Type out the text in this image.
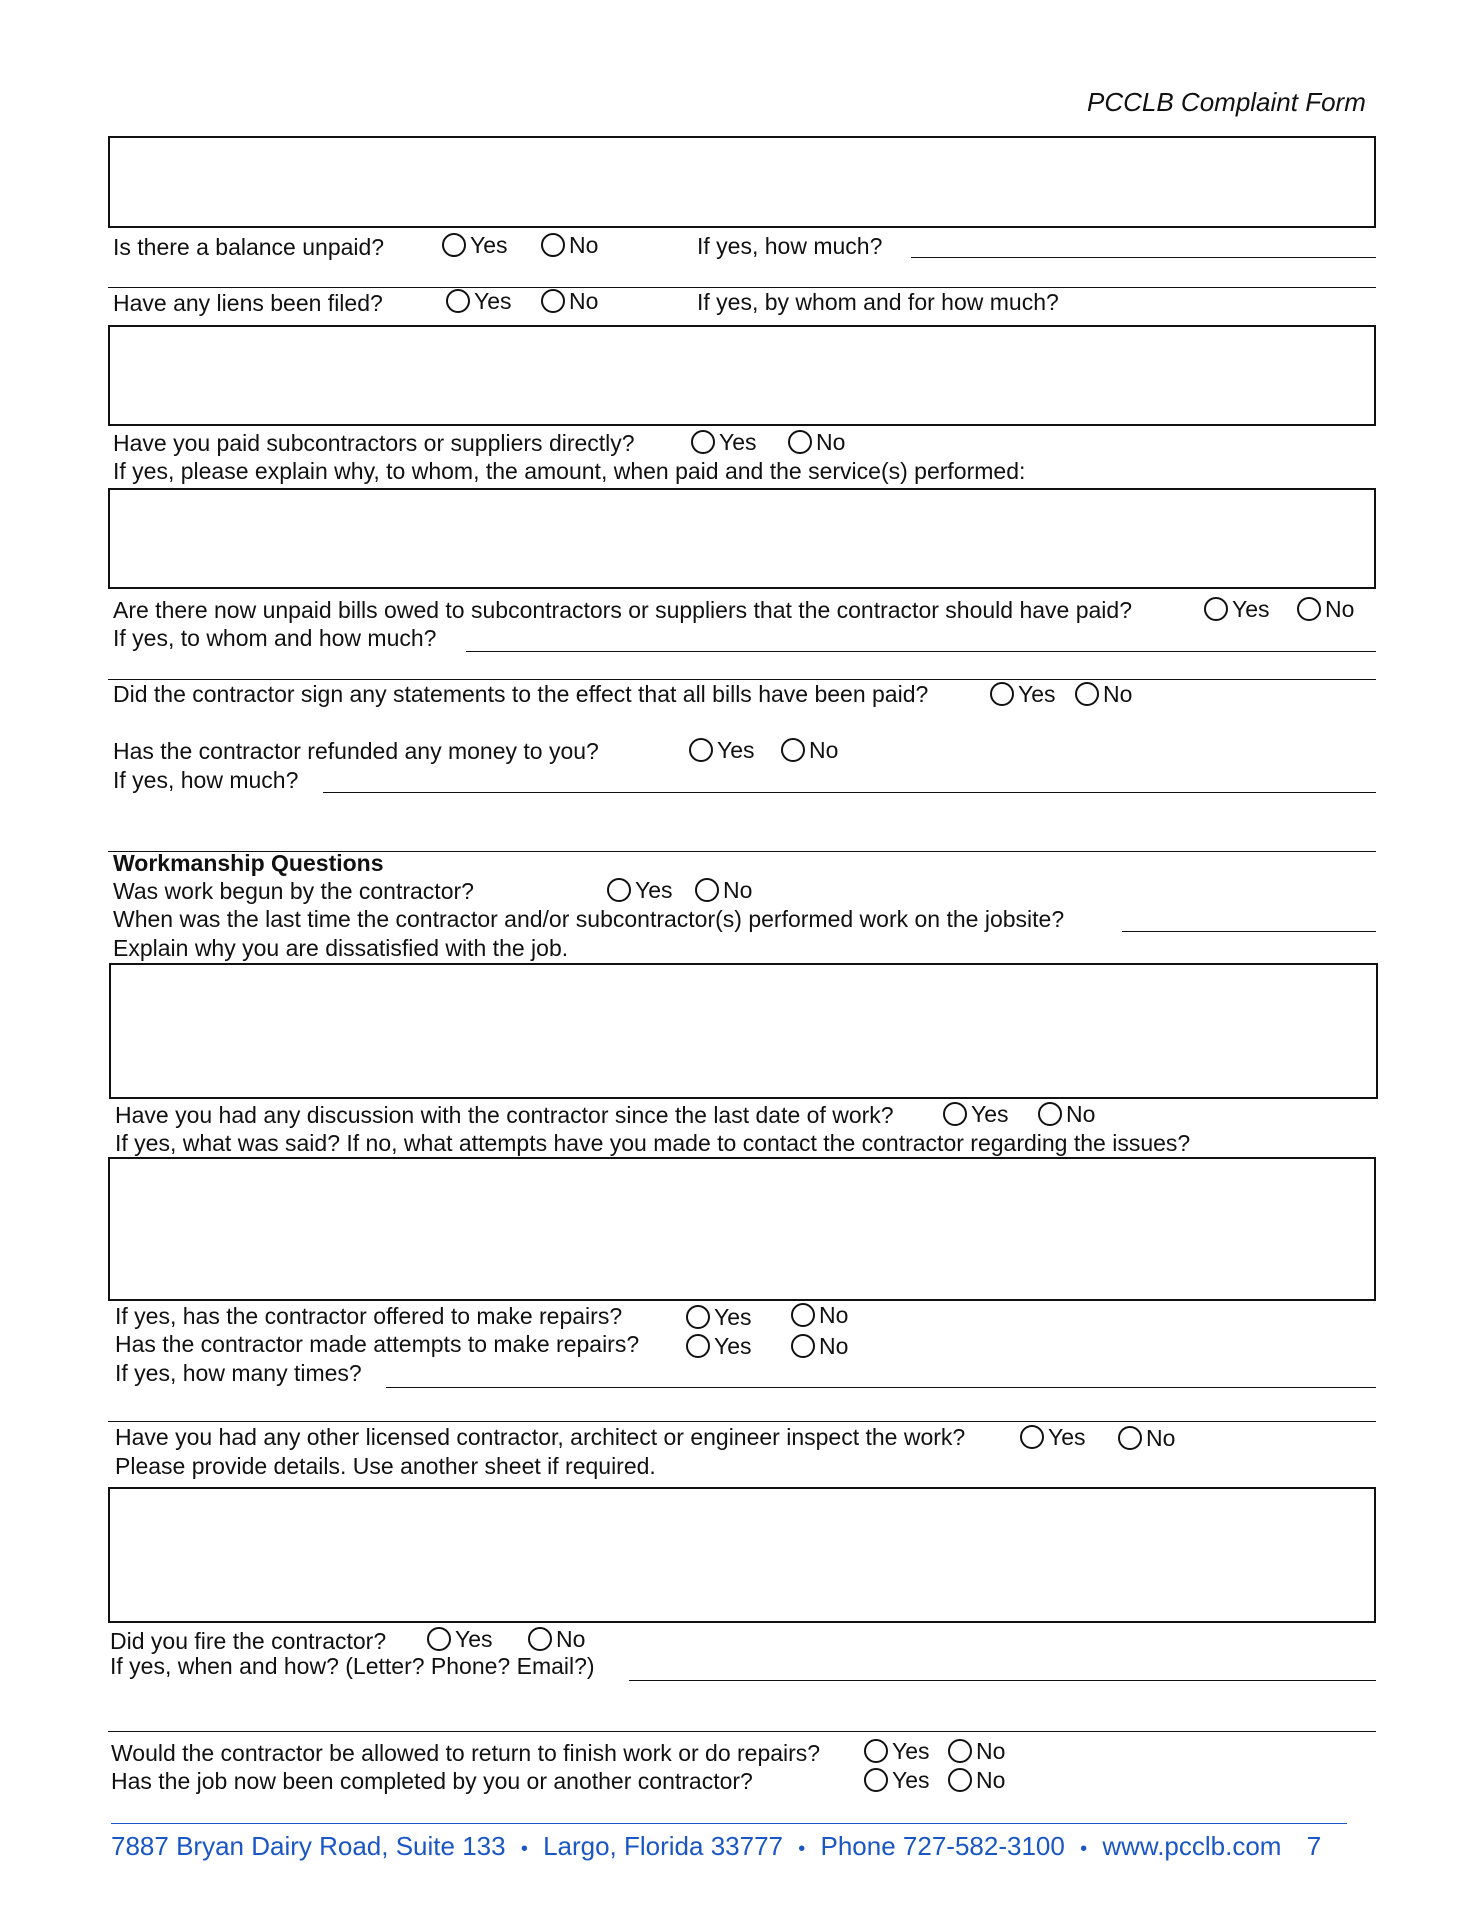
PCCLB Complaint Form
Is there a balance unpaid?	Yes	No	If yes, how much?
Have any liens been filed?	Yes No	If yes, by whom and for how much?
Have you paid subcontractors or suppliers directly?	Yes	No
If yes, please explain why, to whom, the amount, when paid and the service(s) performed:
Are there now unpaid bills owed to subcontractors or suppliers that the contractor should have paid?	Yes No
If yes, to whom and how much?
Did the contractor sign any statements to the effect that all bills have been paid?	Yes No
Has the contractor refunded any money to you?	Yes No
If yes, how much?
Workmanship Questions
Was work begun by the contractor?	Yes No
When was the last time the contractor and/or subcontractor(s) performed work on the jobsite?
Explain why you are dissatisfied with the job.
Have you had any discussion with the contractor since the last date of work?	Yes No
If yes, what was said? If no, what attempts have you made to contact the contractor regarding the issues?
If yes, has the contractor offered to make repairs?	Yes	No
Has the contractor made attempts to make repairs?	Yes	No
If yes, how many times?
Have you had any other licensed contractor, architect or engineer inspect the work?	Yes	No
Please provide details. Use another sheet if required.
Did you fire the contractor?	Yes	No
If yes, when and how? (Letter? Phone? Email?)
Would the contractor be allowed to return to finish work or do repairs?	Yes No
Has the job now been completed by you or another contractor?	Yes No
7887 Bryan Dairy Road, Suite 133 • Largo, Florida 33777 • Phone 727-582-3100 • www.pcclb.com 7
